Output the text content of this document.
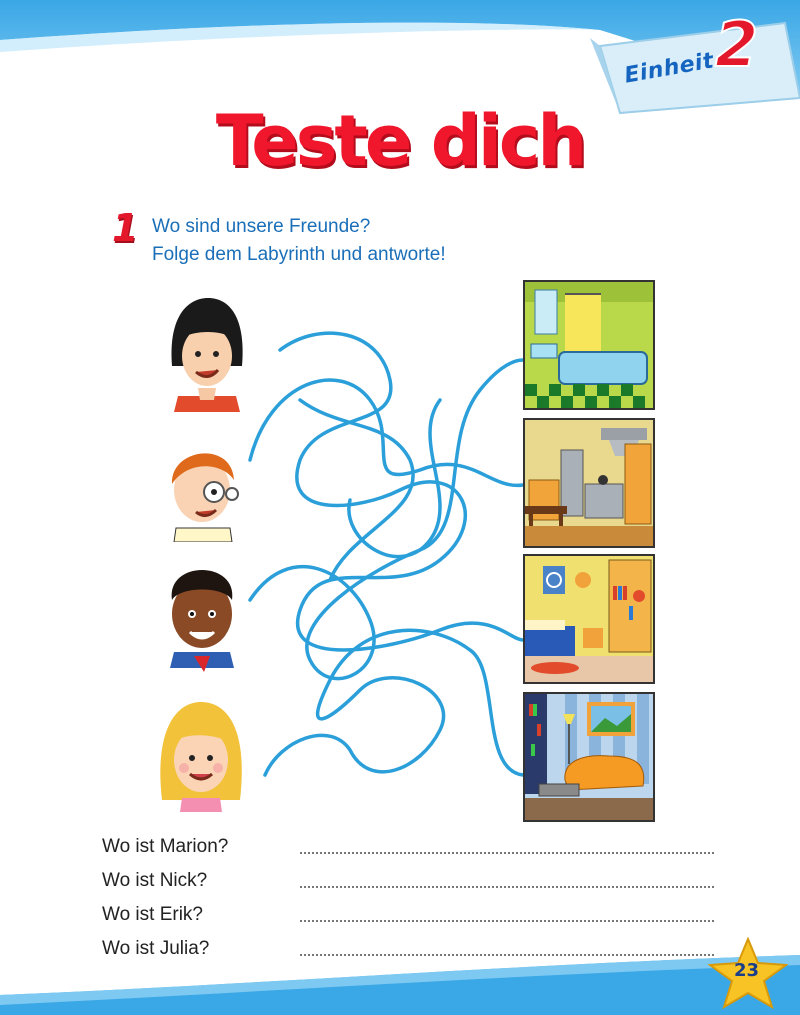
Einheit 2
Teste dich
1 Wo sind unsere Freunde?
Folge dem Labyrinth und antworte!
Wo ist Marion?
Wo ist Nick?
Wo ist Erik?
Wo ist Julia?
23
